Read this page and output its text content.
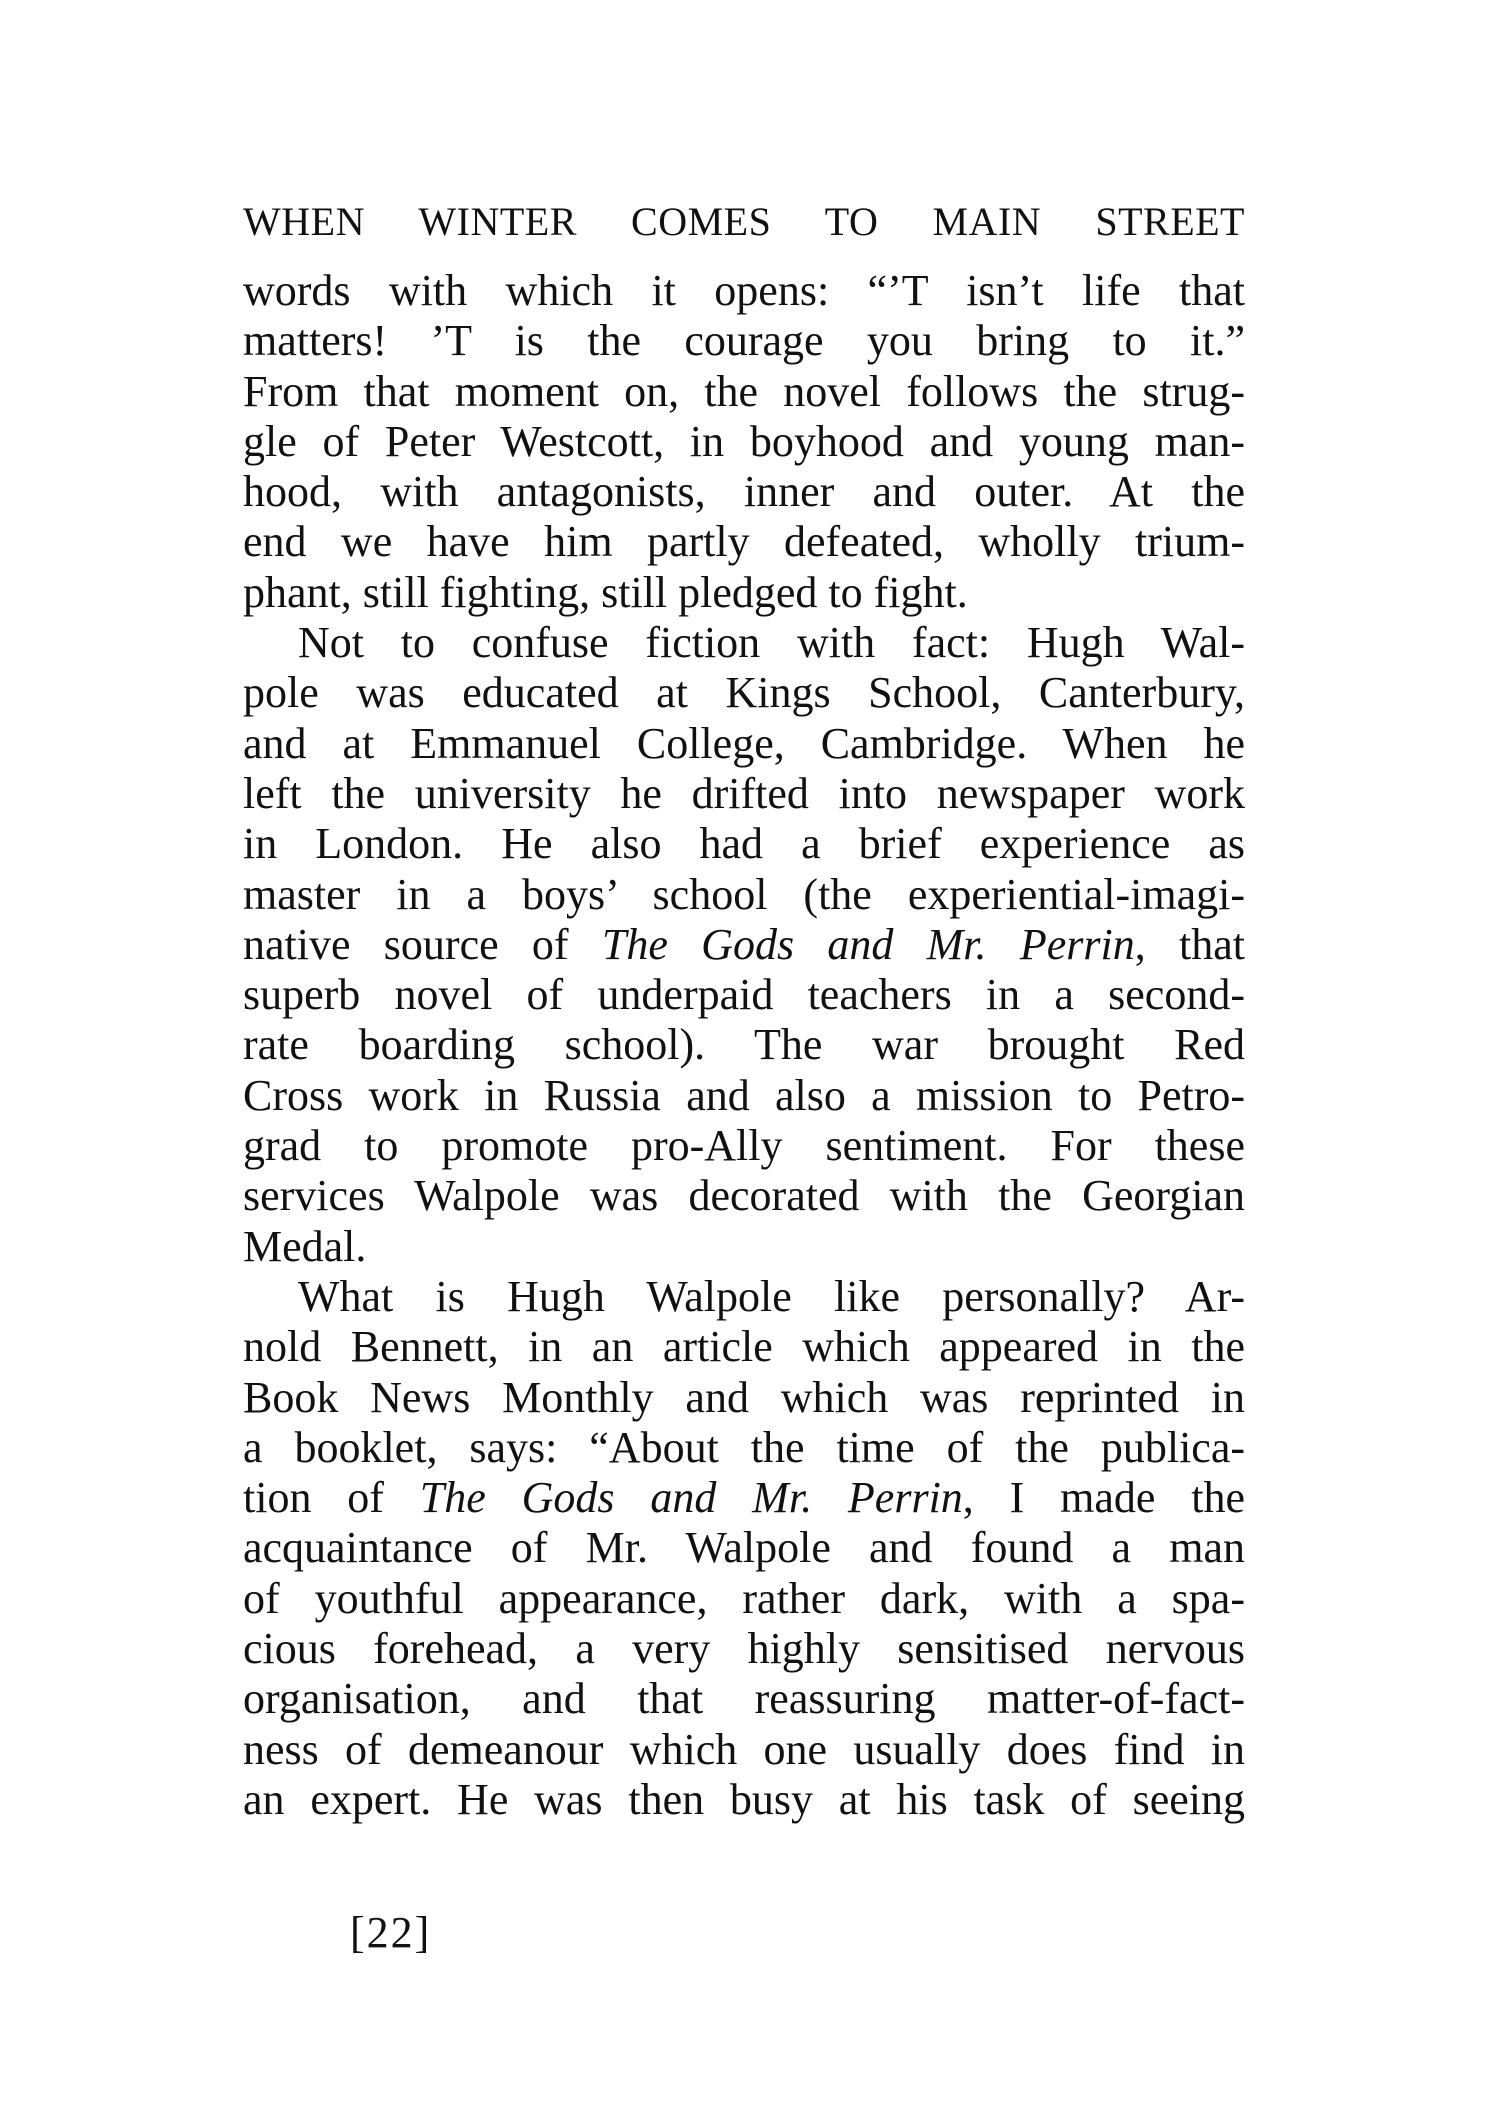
WHEN WINTER COMES TO MAIN STREET
words with which it opens: “’T isn’t life that
matters! ’T is the courage you bring to it.”
From that moment on, the novel follows the strug-
gle of Peter Westcott, in boyhood and young man-
hood, with antagonists, inner and outer. At the
end we have him partly defeated, wholly trium-
phant, still fighting, still pledged to fight.
Not to confuse fiction with fact: Hugh Wal-
pole was educated at Kings School, Canterbury,
and at Emmanuel College, Cambridge. When he
left the university he drifted into newspaper work
in London. He also had a brief experience as
master in a boys’ school (the experiential-imagi-
native source of The Gods and Mr. Perrin, that
superb novel of underpaid teachers in a second-
rate boarding school). The war brought Red
Cross work in Russia and also a mission to Petro-
grad to promote pro-Ally sentiment. For these
services Walpole was decorated with the Georgian
Medal.
What is Hugh Walpole like personally? Ar-
nold Bennett, in an article which appeared in the
Book News Monthly and which was reprinted in
a booklet, says: “About the time of the publica-
tion of The Gods and Mr. Perrin, I made the
acquaintance of Mr. Walpole and found a man
of youthful appearance, rather dark, with a spa-
cious forehead, a very highly sensitised nervous
organisation, and that reassuring matter-of-fact-
ness of demeanour which one usually does find in
an expert. He was then busy at his task of seeing
[22]
